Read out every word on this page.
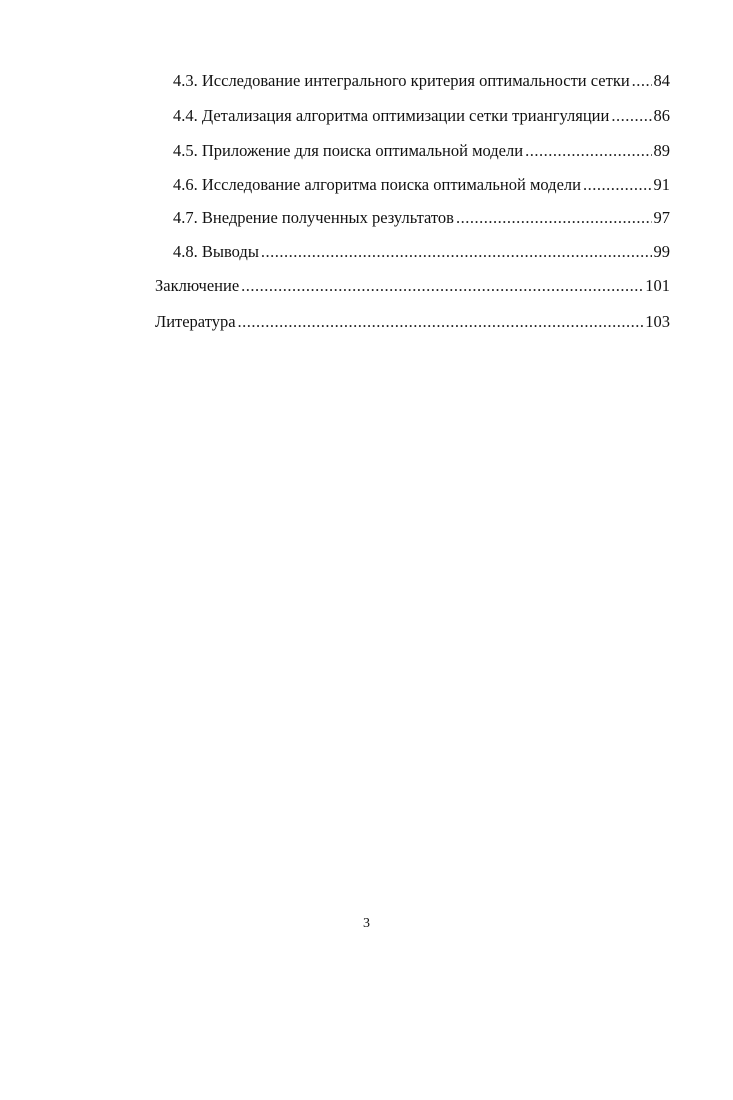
4.3. Исследование интегрального критерия оптимальности сетки ..... 84
4.4. Детализация алгоритма оптимизации сетки триангуляции .....	86
4.5. Приложение для поиска оптимальной модели .....	89
4.6. Исследование алгоритма поиска оптимальной модели .....	91
4.7. Внедрение полученных результатов .....	97
4.8. Выводы .....	99
Заключение .....	101
Литература .....	103
3
